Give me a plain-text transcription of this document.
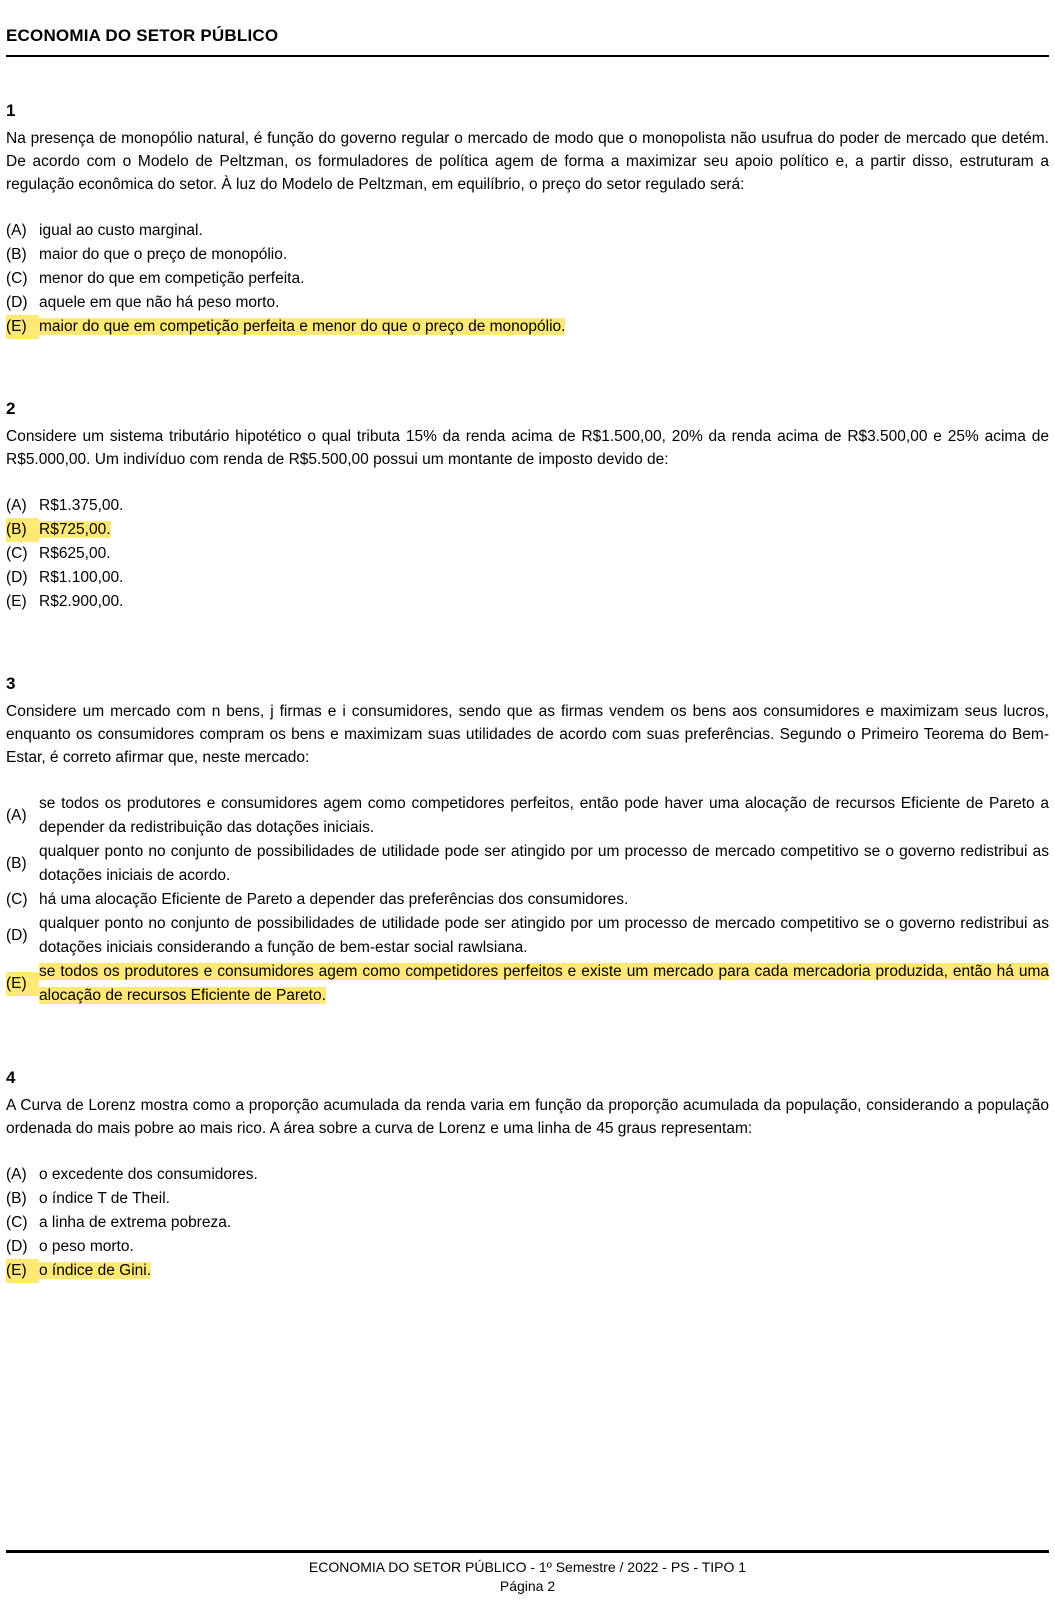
ECONOMIA DO SETOR PÚBLICO
1

Na presença de monopólio natural, é função do governo regular o mercado de modo que o monopolista não usufrua do poder de mercado que detém. De acordo com o Modelo de Peltzman, os formuladores de política agem de forma a maximizar seu apoio político e, a partir disso, estruturam a regulação econômica do setor. À luz do Modelo de Peltzman, em equilíbrio, o preço do setor regulado será:

(A) igual ao custo marginal.
(B) maior do que o preço de monopólio.
(C) menor do que em competição perfeita.
(D) aquele em que não há peso morto.
(E) maior do que em competição perfeita e menor do que o preço de monopólio.
2

Considere um sistema tributário hipotético o qual tributa 15% da renda acima de R$1.500,00, 20% da renda acima de R$3.500,00 e 25% acima de R$5.000,00. Um indivíduo com renda de R$5.500,00 possui um montante de imposto devido de:

(A) R$1.375,00.
(B) R$725,00.
(C) R$625,00.
(D) R$1.100,00.
(E) R$2.900,00.
3

Considere um mercado com n bens, j firmas e i consumidores, sendo que as firmas vendem os bens aos consumidores e maximizam seus lucros, enquanto os consumidores compram os bens e maximizam suas utilidades de acordo com suas preferências. Segundo o Primeiro Teorema do Bem-Estar, é correto afirmar que, neste mercado:

(A)
se todos os produtores e consumidores agem como competidores perfeitos, então pode haver uma alocação de recursos Eficiente de Pareto a depender da redistribuição das dotações iniciais.
(B)
qualquer ponto no conjunto de possibilidades de utilidade pode ser atingido por um processo de mercado competitivo se o governo redistribui as dotações iniciais de acordo.
(C) há uma alocação Eficiente de Pareto a depender das preferências dos consumidores.
(D)
qualquer ponto no conjunto de possibilidades de utilidade pode ser atingido por um processo de mercado competitivo se o governo redistribui as dotações iniciais considerando a função de bem-estar social rawlsiana.
(E)
se todos os produtores e consumidores agem como competidores perfeitos e existe um mercado para cada mercadoria produzida, então há uma alocação de recursos Eficiente de Pareto.
4

A Curva de Lorenz mostra como a proporção acumulada da renda varia em função da proporção acumulada da população, considerando a população ordenada do mais pobre ao mais rico. A área sobre a curva de Lorenz e uma linha de 45 graus representam:

(A) o excedente dos consumidores.
(B) o índice T de Theil.
(C) a linha de extrema pobreza.
(D) o peso morto.
(E) o índice de Gini.
ECONOMIA DO SETOR PÚBLICO - 1º Semestre / 2022 - PS - TIPO 1
Página 2
